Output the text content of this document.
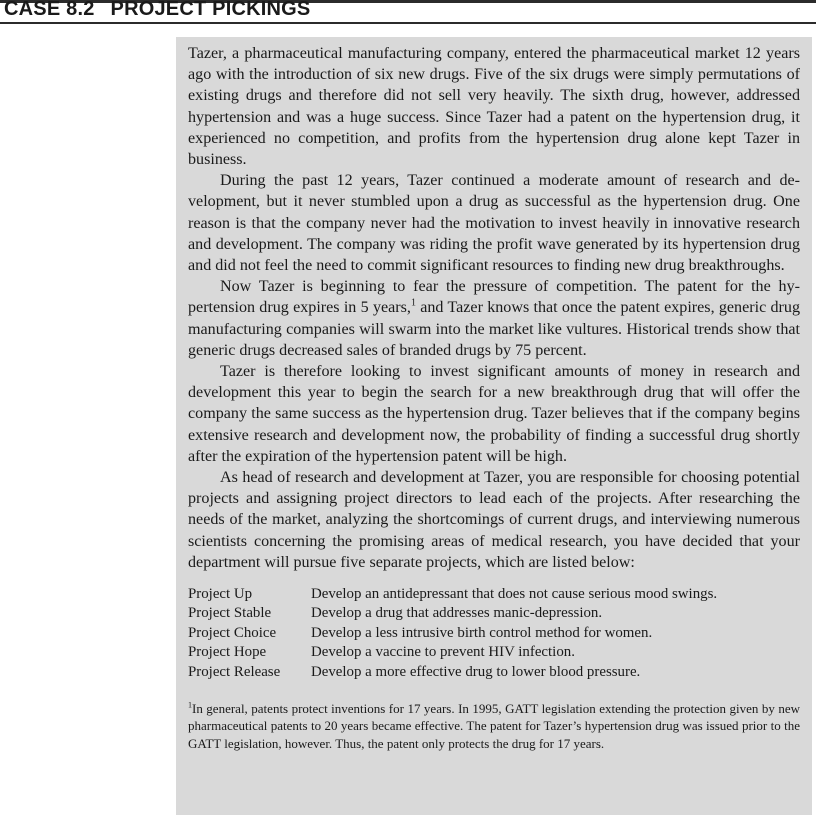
CASE 8.2 PROJECT PICKINGS

Tazer, a pharmaceutical manufacturing company, entered the pharmaceutical market 12 years ago with the introduction of six new drugs. Five of the six drugs were simply permutations of existing drugs and therefore did not sell very heavily. The sixth drug, however, addressed hypertension and was a huge success. Since Tazer had a patent on the hypertension drug, it experienced no competition, and profits from the hypertension drug alone kept Tazer in business.

During the past 12 years, Tazer continued a moderate amount of research and development, but it never stumbled upon a drug as successful as the hypertension drug. One reason is that the company never had the motivation to invest heavily in innovative research and development. The company was riding the profit wave generated by its hypertension drug and did not feel the need to commit significant resources to finding new drug breakthroughs.

Now Tazer is beginning to fear the pressure of competition. The patent for the hypertension drug expires in 5 years,$^1$ and Tazer knows that once the patent expires, generic drug manufacturing companies will swarm into the market like vultures. Historical trends show that generic drugs decreased sales of branded drugs by 75 percent.

Tazer is therefore looking to invest significant amounts of money in research and development this year to begin the search for a new breakthrough drug that will offer the company the same success as the hypertension drug. Tazer believes that if the company begins extensive research and development now, the probability of finding a successful drug shortly after the expiration of the hypertension patent will be high.

As head of research and development at Tazer, you are responsible for choosing potential projects and assigning project directors to lead each of the projects. After researching the needs of the market, analyzing the shortcomings of current drugs, and interviewing numerous scientists concerning the promising areas of medical research, you have decided that your department will pursue five separate projects, which are listed below:

Project Up	Develop an antidepressant that does not cause serious mood swings.
Project Stable	Develop a drug that addresses manic-depression.
Project Choice	Develop a less intrusive birth control method for women.
Project Hope	Develop a vaccine to prevent HIV infection.
Project Release	Develop a more effective drug to lower blood pressure.

$^1$In general, patents protect inventions for 17 years. In 1995, GATT legislation extending the protection given by new pharmaceutical patents to 20 years became effective. The patent for Tazer’s hypertension drug was issued prior to the GATT legislation, however. Thus, the patent only protects the drug for 17 years.
